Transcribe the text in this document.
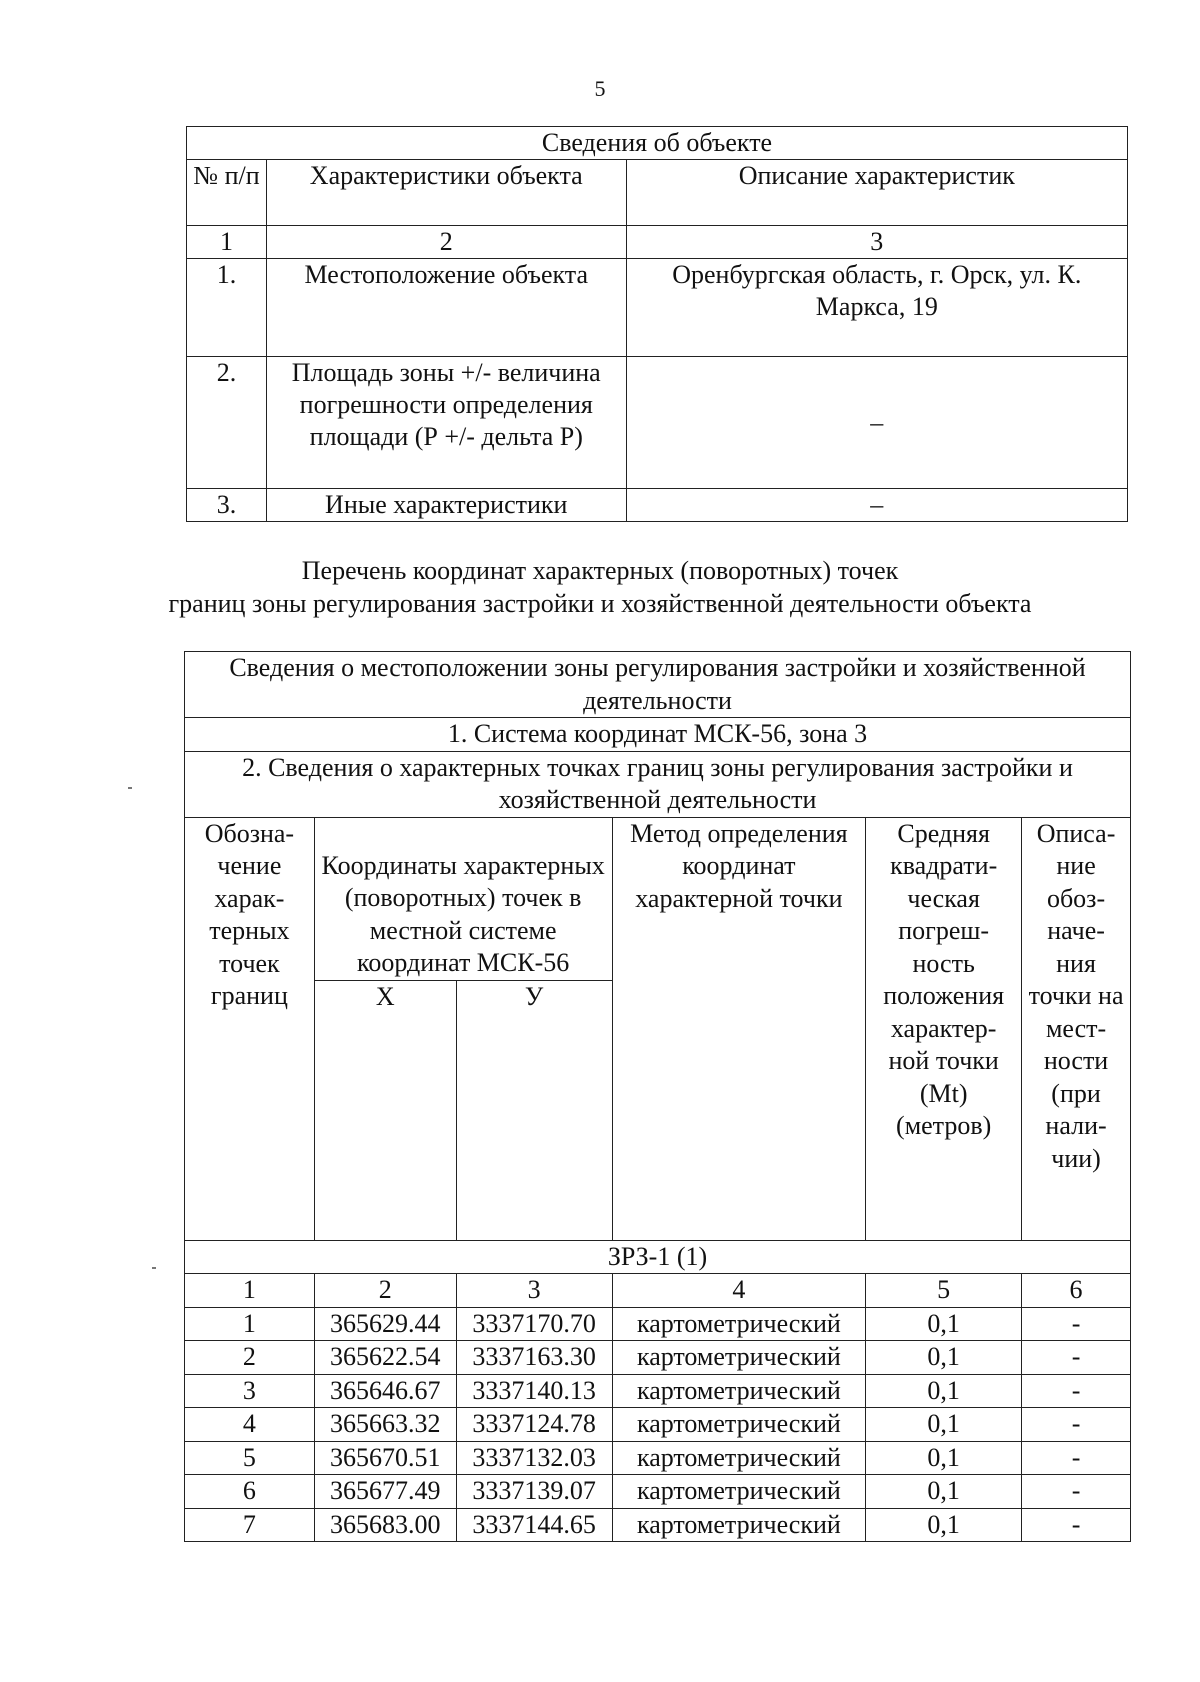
5
Сведения об объекте		
№ п/п	Характеристики объекта	Описание характеристик
1	2	3
1.	Местоположение объекта	Оренбургская область, г. Орск, ул. К. Маркса, 19
2.	Площадь зоны +/- величина погрешности определения площади (Р +/- дельта Р)	–
3.	Иные характеристики	–
Перечень координат характерных (поворотных) точек
границ зоны регулирования застройки и хозяйственной деятельности объекта
Сведения о местоположении зоны регулирования застройки и хозяйственной деятельности					
1. Система координат МСК-56, зона 3					
2. Сведения о характерных точках границ зоны регулирования застройки и хозяйственной деятельности					
Обозна-чение харак-терных точек границ	Координаты характерных (поворотных) точек в местной системе координат МСК-56		Метод определения координат характерной точки	Средняя квадрати-ческая погреш-ность положения характер-ной точки (Mt) (метров)	Описа-ние обоз-наче-ния точки на мест-ности (при нали-чии)
	Х	У			
ЗРЗ-1 (1)					
1	2	3	4	5	6
1	365629.44	3337170.70	картометрический	0,1	-
2	365622.54	3337163.30	картометрический	0,1	-
3	365646.67	3337140.13	картометрический	0,1	-
4	365663.32	3337124.78	картометрический	0,1	-
5	365670.51	3337132.03	картометрический	0,1	-
6	365677.49	3337139.07	картометрический	0,1	-
7	365683.00	3337144.65	картометрический	0,1	-
